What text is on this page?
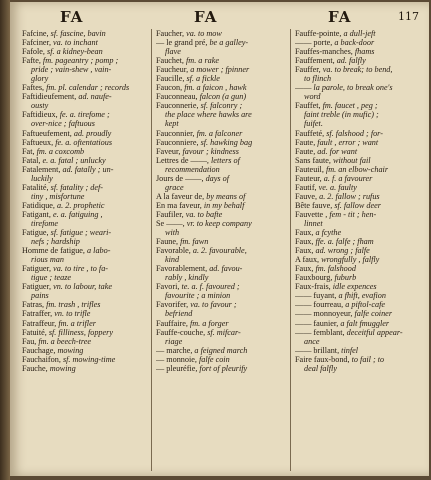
FA	FA	FA	117
Fafcine, sf. fascine, bavin
Fafciner, va. to inchant
Fafole, sf. a kidney-bean
Fafte, fm. pageantry ; pomp ;
pride ; vain-shew , vain-
glory
Faftes, fm. pl. calendar ; records
Faftidieufement, ad. naufe-
ousty
Faftidieux, fe. a. tirefome ;
over-nice ; faftuous
Faftueufement, ad. proudly
Faftueux, fe. a. oftentatious
Fat, fm. a coxcomb
Fatal, e. a. fatal ; unlucky
Fatalement, ad. fatally ; un-
luckily
Fatalité, sf. fatality ; def-
tiny , misfortune
Fatidique, a. 2. prophetic
Fatigant, e. a. fatiguing ,
tirefome
Fatigue, sf. fatigue ; weari-
nefs ; hardship
Homme de fatigue, a labo-
rious man
Fatiguer, va. to tire , to fa-
tigue ; teaze
Fatiguer, vn. to labour, take
pains
Fatras, fm. trash , trifles
Fatraffer, vn. to trifle
Fatraffeur, fm. a trifler
Fatuité, sf. filliness, foppery
Fau, fm. a beech-tree
Fauchage, mowing
Fauchaifon, sf. mowing-time
Fauche, mowing
Faucher, va. to mow
— le grand pré, be a galley-
flave
Fauchet, fm. a rake
Faucheur, a mower ; fpinner
Faucille, sf. a fickle
Faucon, fm. a faicon , hawk
Fauconneau, falcon (a gun)
Fauconnerie, sf. falconry ;
the place where hawks are
kept
Fauconnier, fm. a falconer
Fauconniere, sf. hawking bag
Faveur, favour ; kindness
Lettres de ——, letters of
recommendation
Jours de ——, days of
grace
A la faveur de, by means of
En ma faveur, in my behalf
Faufiler, va. to bafte
Se ——, vr. to keep company
with
Faune, fm. fawn
Favorable, a. 2. favourable,
kind
Favorablement, ad. favou-
rably , kindly
Favori, te. a. f. favoured ;
favourite ; a minion
Favorifer, va. to favour ;
befriend
Fauffaire, fm. a forger
Fauffe-couche, sf. mifcar-
riage
— marche, a feigned march
— monnoie, falfe coin
— pleuréfie, fort of pleurify
Fauffe-pointe, a dull-jeft
—— porte, a back-door
Fauffes-manches, fhams
Fauffement, ad. falfly
Fauffer, va. to break; to bend,
to flinch
—— la parole, to break one's
word
Fauffet, fm. faucet , peg ;
faint treble (in mufic) ;
fuifet.
Fauffeté, sf. falshood ; for-
Faute, fault , error ; want
Faute, ad. for want
Sans faute, without fail
Fauteuil, fm. an elbow-chair
Fauteur, a. f. a favourer
Fautif, ve. a. faulty
Fauve, a. 2. fallow ; rufus
Bête fauve, sf. fallow deer
Fauvette , fem - tit ; hen-
linnet
Faux, a fcythe
Faux, ffe. a. falfe ; fham
Faux, ad. wrong ; falfe
A faux, wrongfully , falfly
Faux, fm. falshood
Fauxbourg, fuburb
Faux-frais, idle expences
—— fuyant, a fhift, evafion
—— fourreau, a piftol-cafe
—— monnoyeur, falfe coiner
—— faunier, a falt fmuggler
—— femblant, deceitful appear-
ance
—— brillant, tinfel
Faire faux-bond, to fail ; to
deal falfly
